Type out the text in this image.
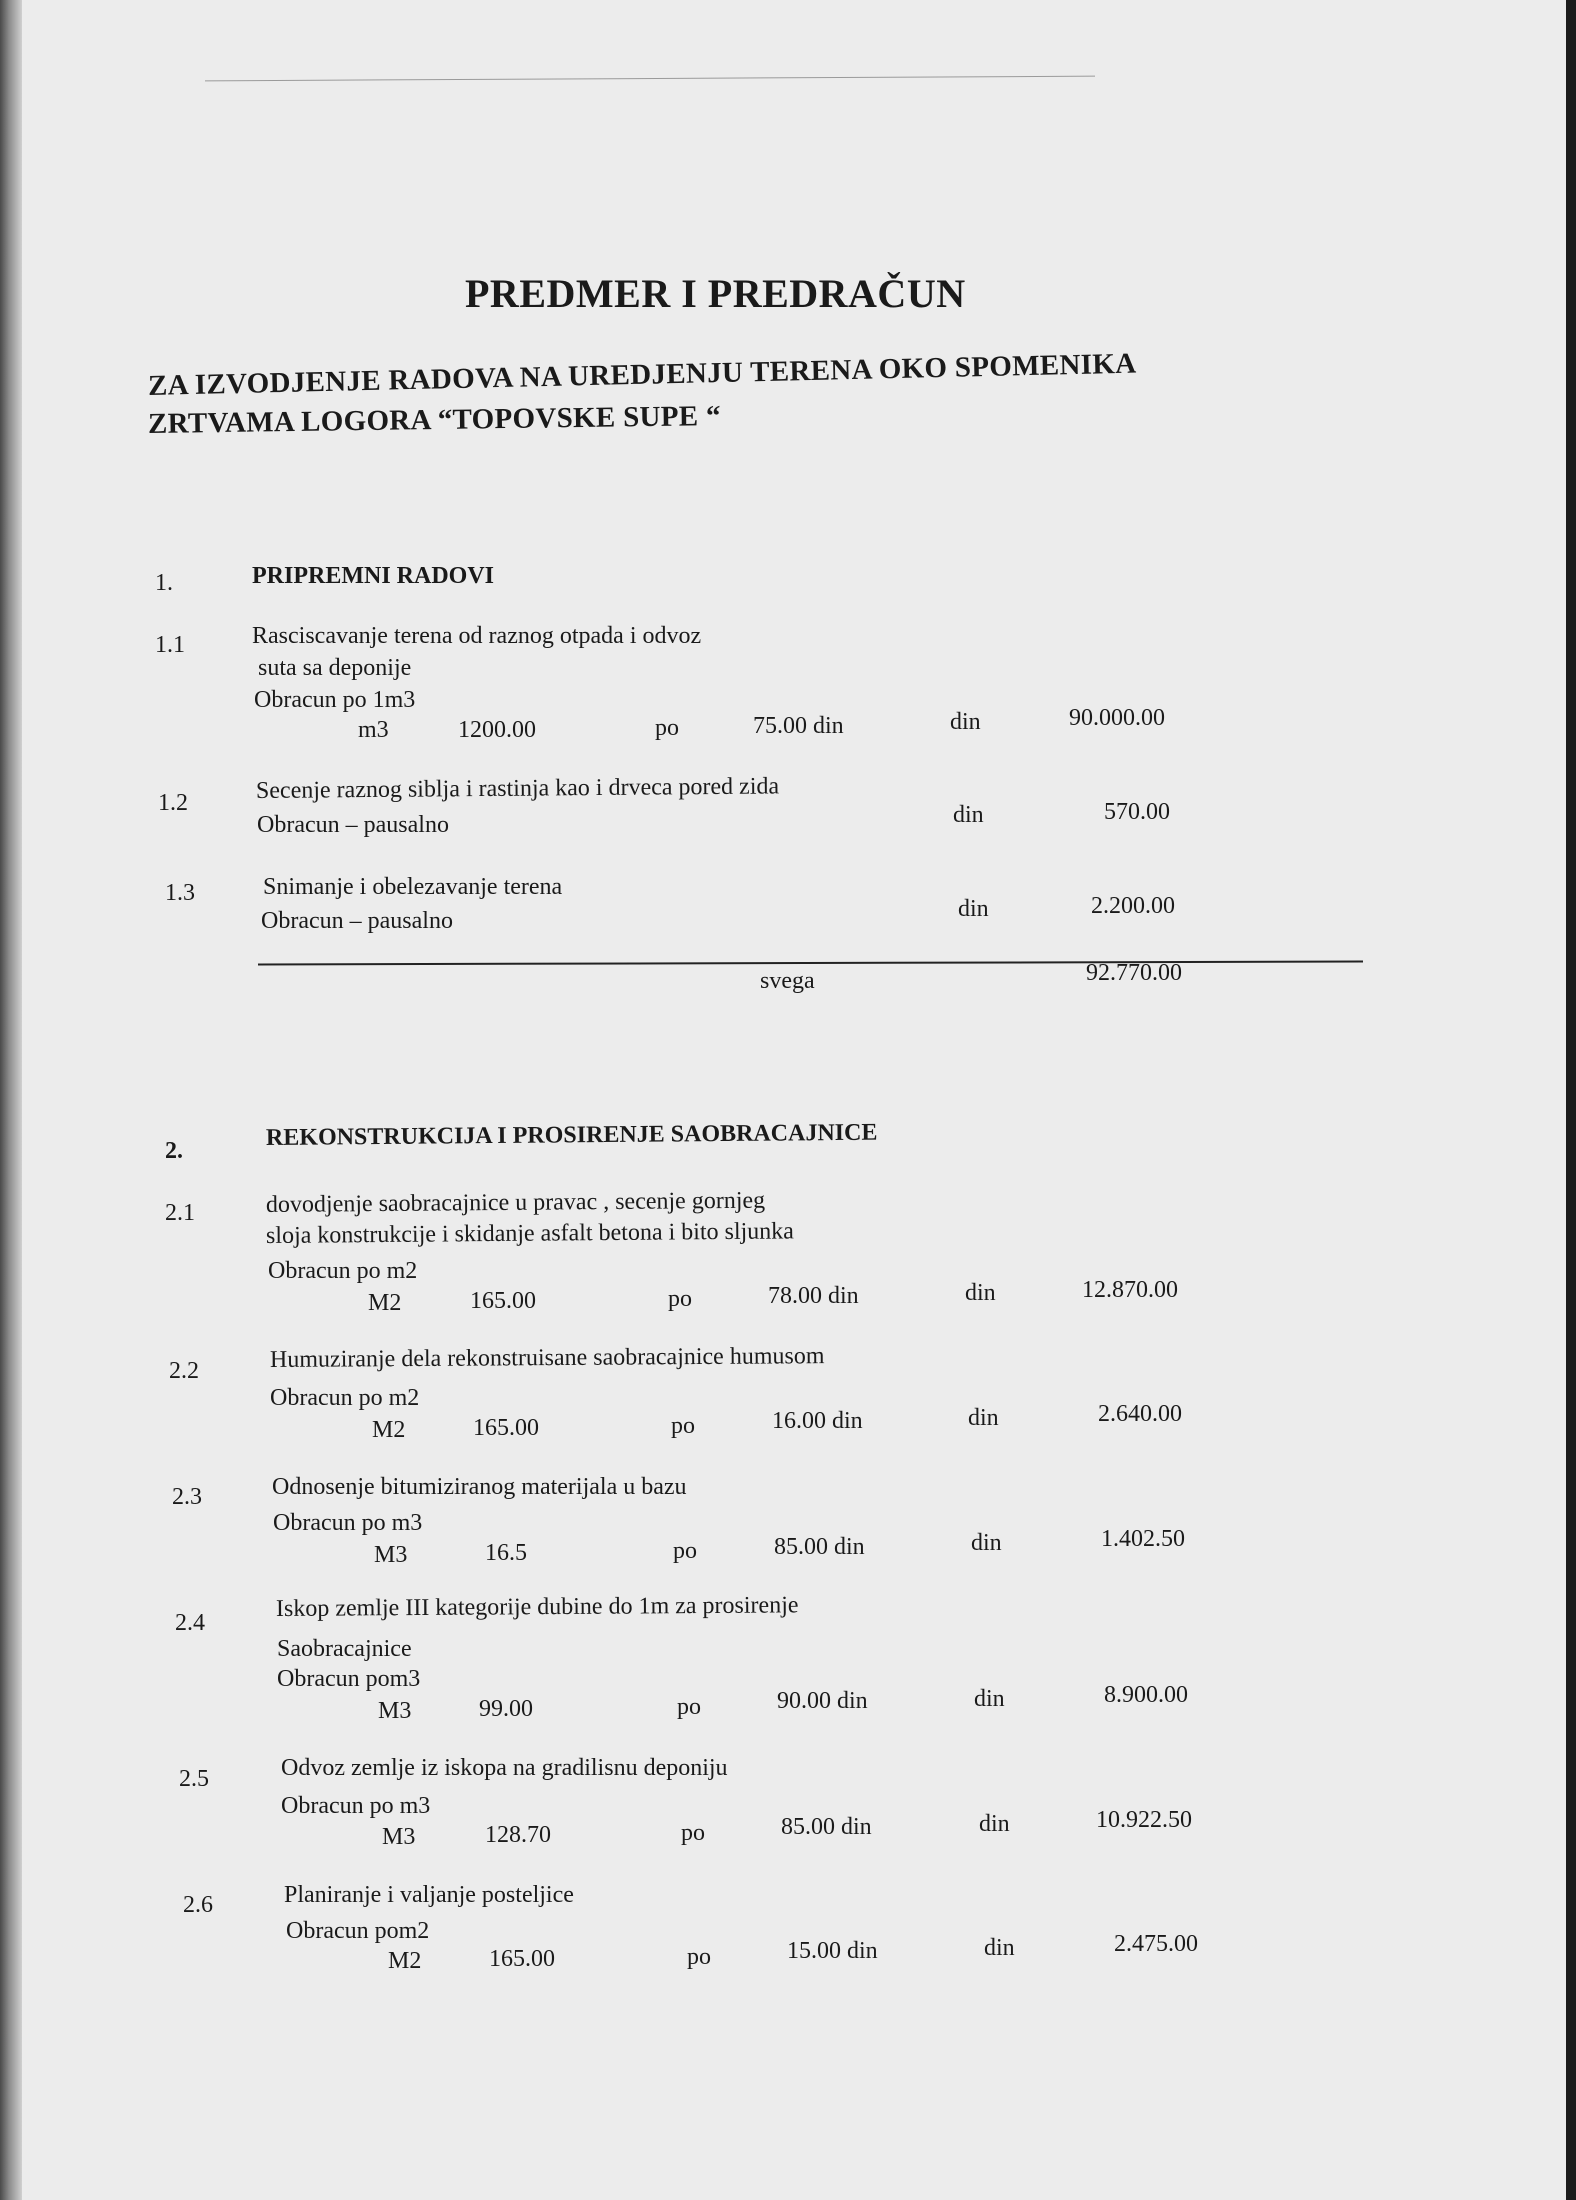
PREDMER I PREDRAČUN
ZA IZVODJENJE RADOVA NA UREDJENJU TERENA OKO SPOMENIKA
ZRTVAMA LOGORA “TOPOVSKE SUPE “
1.	PRIPREMNI RADOVI
1.1	Rasciscavanje terena od raznog otpada i odvoz
suta sa deponije
Obracun po 1m3
m3	1200.00	po	75.00 din	din	90.000.00
1.2	Secenje raznog siblja i rastinja kao i drveca pored zida
Obracun – pausalno	din	570.00
1.3	Snimanje i obelezavanje terena
Obracun – pausalno	din	2.200.00
svega	92.770.00
2.
REKONSTRUKCIJA I PROSIRENJE SAOBRACAJNICE
2.1	dovodjenje saobracajnice u pravac , secenje gornjeg
sloja konstrukcije i skidanje asfalt betona i bito sljunka
Obracun po m2
M2	165.00	po	78.00 din	din	12.870.00
2.2	Humuziranje dela rekonstruisane saobracajnice humusom
Obracun po m2
M2	165.00	po	16.00 din	din	2.640.00
2.3	Odnosenje bitumiziranog materijala u bazu
Obracun po m3
M3	16.5	po	85.00 din	din	1.402.50
2.4
Iskop zemlje III kategorije dubine do 1m za prosirenje
Saobracajnice
Obracun pom3
M3	99.00	po	90.00 din	din	8.900.00
2.5	Odvoz zemlje iz iskopa na gradilisnu deponiju
Obracun po m3
M3	128.70	po	85.00 din	din	10.922.50
2.6	Planiranje i valjanje posteljice
Obracun pom2
M2	165.00	po	15.00 din	din	2.475.00
